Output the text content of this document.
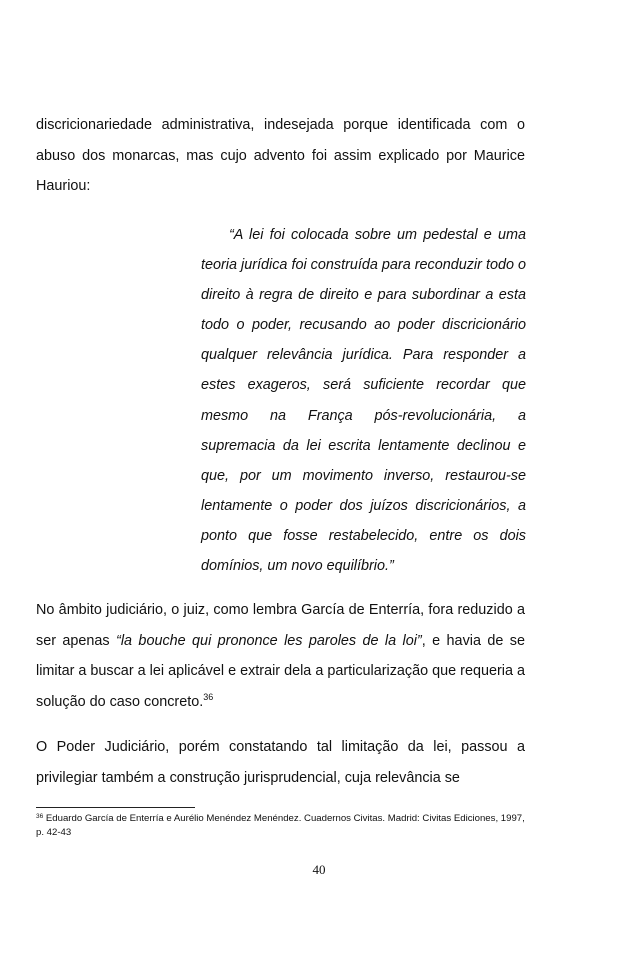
discricionariedade administrativa, indesejada porque identificada com o abuso dos monarcas, mas cujo advento foi assim explicado por Maurice Hauriou:

“A lei foi colocada sobre um pedestal e uma teoria jurídica foi construída para reconduzir todo o direito à regra de direito e para subordinar a esta todo o poder, recusando ao poder discricionário qualquer relevância jurídica. Para responder a estes exageros, será suficiente recordar que mesmo na França pós-revolucionária, a supremacia da lei escrita lentamente declinou e que, por um movimento inverso, restaurou-se lentamente o poder dos juízos discricionários, a ponto que fosse restabelecido, entre os dois domínios, um novo equilíbrio.”

No âmbito judiciário, o juiz, como lembra García de Enterría, fora reduzido a ser apenas “la bouche qui prononce les paroles de la loi”, e havia de se limitar a buscar a lei aplicável e extrair dela a particularização que requeria a solução do caso concreto.$^{36}$

O Poder Judiciário, porém constatando tal limitação da lei, passou a privilegiar também a construção jurisprudencial, cuja relevância se

$^{36}$ Eduardo García de Enterría e Aurélio Menéndez Menéndez. Cuadernos Civitas. Madrid: Civitas Ediciones, 1997, p. 42-43

40
